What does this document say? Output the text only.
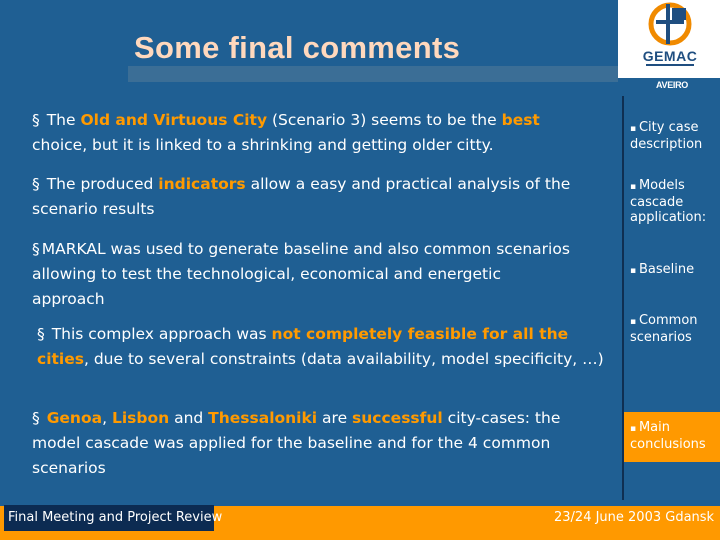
Some final comments	GEMAC
UNIVERSITY OF AVEIRO

§ The Old and Virtuous City (Scenario 3) seems to be the best choice, but it is linked to a shrinking and getting older citty.

§ The produced indicators allow a easy and practical analysis of the scenario results

§ MARKAL was used to generate baseline and also common scenarios allowing to test the technological, economical and energetic approach

§ This complex approach was not completely feasible for all the cities, due to several constraints (data availability, model specificity, …)

§ Genoa, Lisbon and Thessaloniki are successful city-cases: the model cascade was applied for the baseline and for the 4 common scenarios

▪ City case description
▪ Models cascade application:
▪ Baseline
▪ Common scenarios
▪ Main conclusions
Final Meeting and Project Review	23/24 June 2003 Gdansk
